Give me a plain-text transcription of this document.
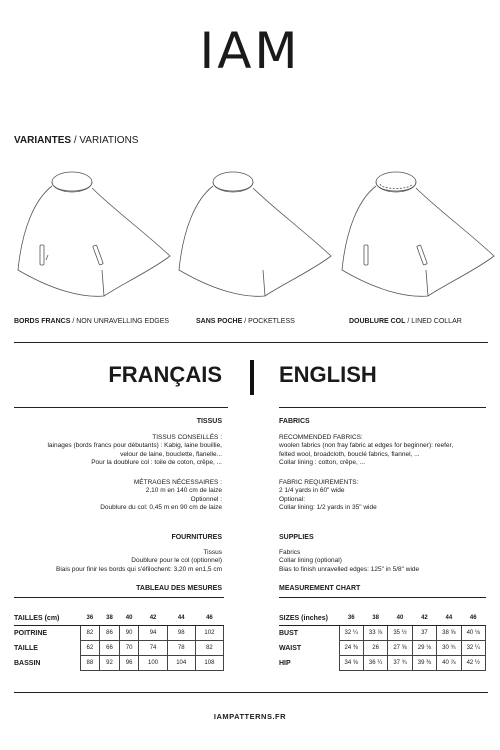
IAM
VARIANTES / VARIATIONS
BORDS FRANCS / NON UNRAVELLING EDGES	SANS POCHE / POCKETLESS	DOUBLURE COL / LINED COLLAR
FRANÇAIS
TISSUS
TISSUS CONSEILLÉS :
lainages (bords francs pour débutants) : Kabig, laine bouillie,
velour de laine, bouclette, flanelle...
Pour la doublure col : toile de coton, crêpe, ...
MÉTRAGES NÉCESSAIRES :
2,10 m en 140 cm de laize
Optionnel :
Doublure du col: 0,45 m en 90 cm de laize
FOURNITURES
Tissus
Doublure pour le col (optionnel)
Biais pour finir les bords qui s'éfilochent: 3,20 m en1,5 cm
TABLEAU DES MESURES
TAILLES (cm)	36	38	40	42	44	46
POITRINE	82	86	90	94	98	102
TAILLE	62	66	70	74	78	82
BASSIN	88	92	96	100	104	108
ENGLISH
FABRICS
RECOMMENDED FABRICS:
woolen fabrics (non fray fabric at edges for beginner): reefer,
felted wool, broadcloth, bouclé fabrics, flannel, ...
Collar lining : cotton, crêpe, ...
FABRIC REQUIREMENTS:
2 1/4 yards in 60" wide
Optional:
Collar lining: 1/2 yards in 35" wide
SUPPLIES
Fabrics
Collar lining (optional)
Bias to finish unravelled edges: 125" in 5/8" wide
MEASUREMENT CHART
SIZES (inches)	36	38	40	42	44	46
BUST	32 ¼	33 ⅞	35 ½	37	38 ⅝	40 ⅛
WAIST	24 ⅜	26	27 ⅝	29 ⅛	30 ¾	32 ¼
HIP	34 ⅝	36 ¼	37 ¾	39 ⅜	40 ⅞	42 ½
IAMPATTERNS.FR
